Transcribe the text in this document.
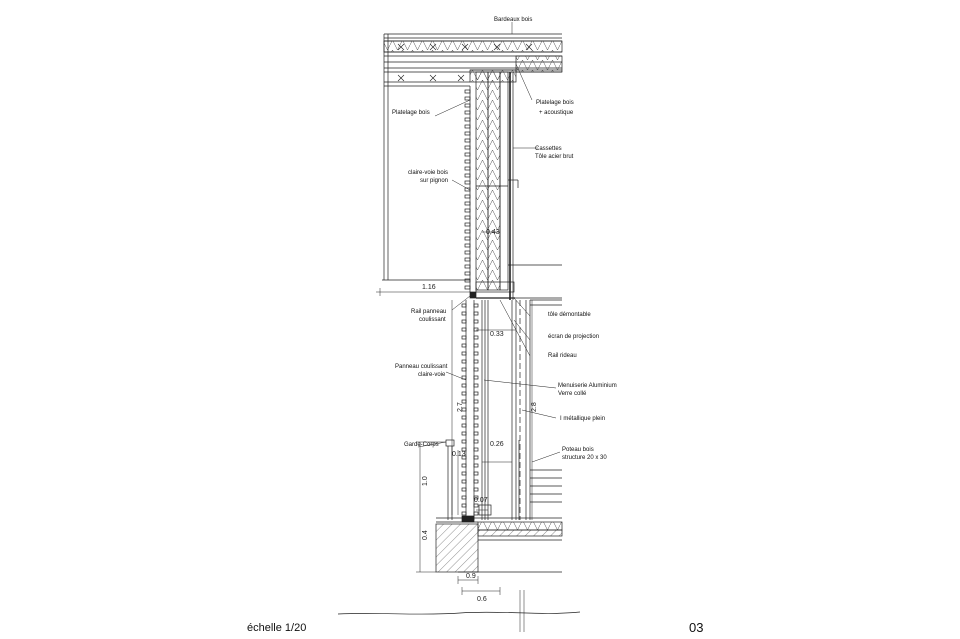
Bardeaux bois
Platelage bois
Platelage bois
+ acoustique
Cassettes
Tôle acier brut
claire-voie bois
sur pignon
Rail panneau
coulissant
tôle démontable
écran de projection
Rail rideau
Panneau coulissant
claire-voie
Menuiserie Aluminium
Verre collé
I métallique plein
Garde-Corps
Poteau bois
structure 20 x 30
0.43
1.16
0.33
2.7	2.8
0.26
0.13
1.0
0.07
0.4
0.9
0.6
échelle 1/20	03
